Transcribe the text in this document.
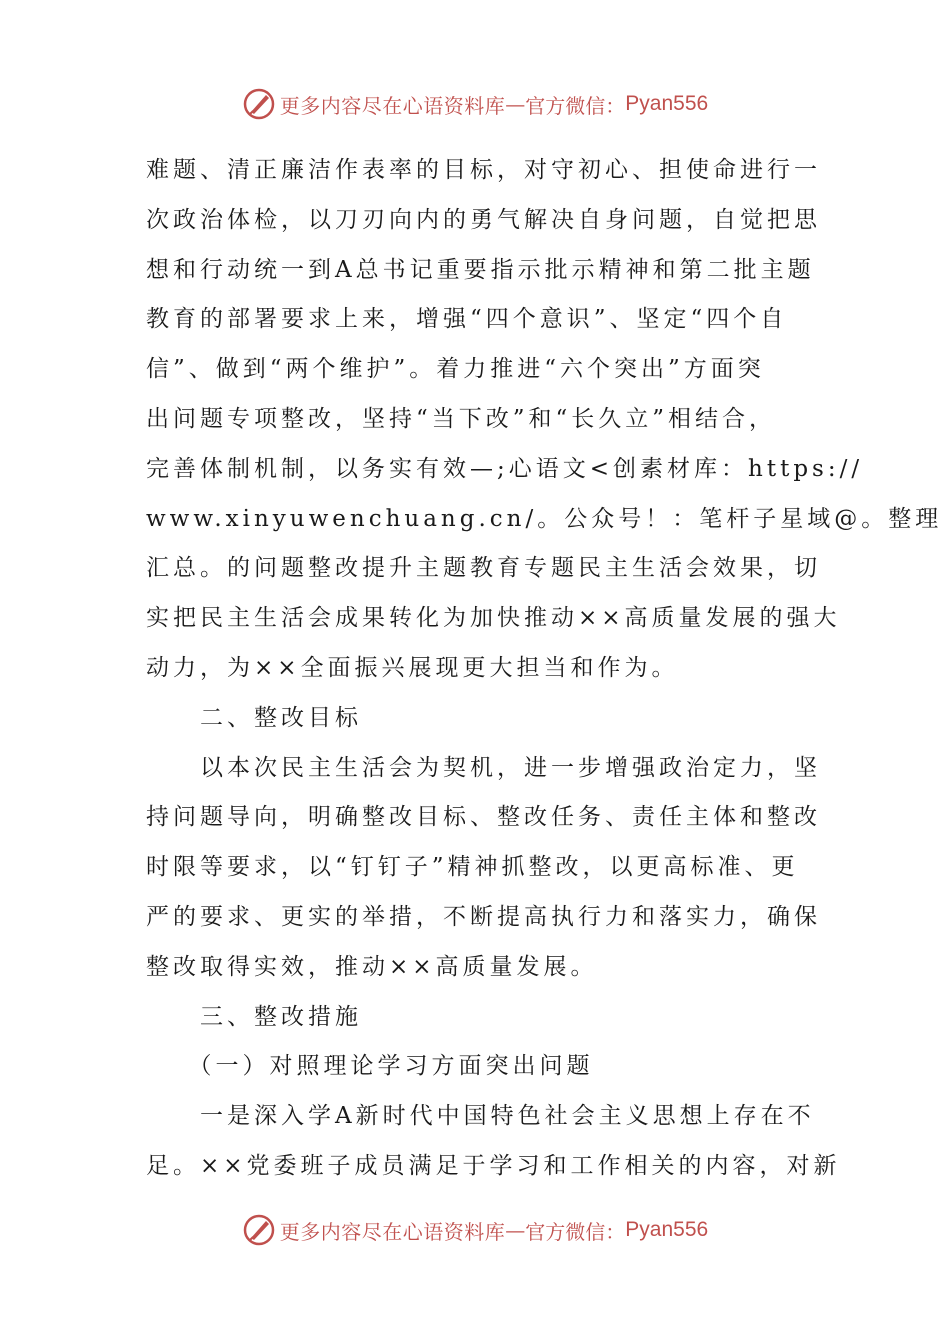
更多内容尽在心语资料库 — 官方微信： Pyan556

难题、清正廉洁作表率的目标，对守初心、担使命进行一
次政治体检，以刀刃向内的勇气解决自身问题，自觉把思
想和行动统一到A总书记重要指示批示精神和第二批主题
教育的部署要求上来，增强“四个意识”、坚定“四个自
信”、做到“两个维护”。着力推进“六个突出”方面突
出问题专项整改，坚持“当下改”和“长久立”相结合，
完善体制机制，以务实有效—;心语文<创素材库：https://
www.xinyuwenchuang.cn/。公众号！：笔杆子星域@。整理
汇总。的问题整改提升主题教育专题民主生活会效果，切
实把民主生活会成果转化为加快推动××高质量发展的强大
动力，为××全面振兴展现更大担当和作为。

　　二、整改目标

　　以本次民主生活会为契机，进一步增强政治定力，坚
持问题导向，明确整改目标、整改任务、责任主体和整改
时限等要求，以“钉钉子”精神抓整改，以更高标准、更
严的要求、更实的举措，不断提高执行力和落实力，确保
整改取得实效，推动××高质量发展。

　　三、整改措施

　　（一）对照理论学习方面突出问题

　　一是深入学A新时代中国特色社会主义思想上存在不
足。××党委班子成员满足于学习和工作相关的内容，对新

更多内容尽在心语资料库 — 官方微信： Pyan556
